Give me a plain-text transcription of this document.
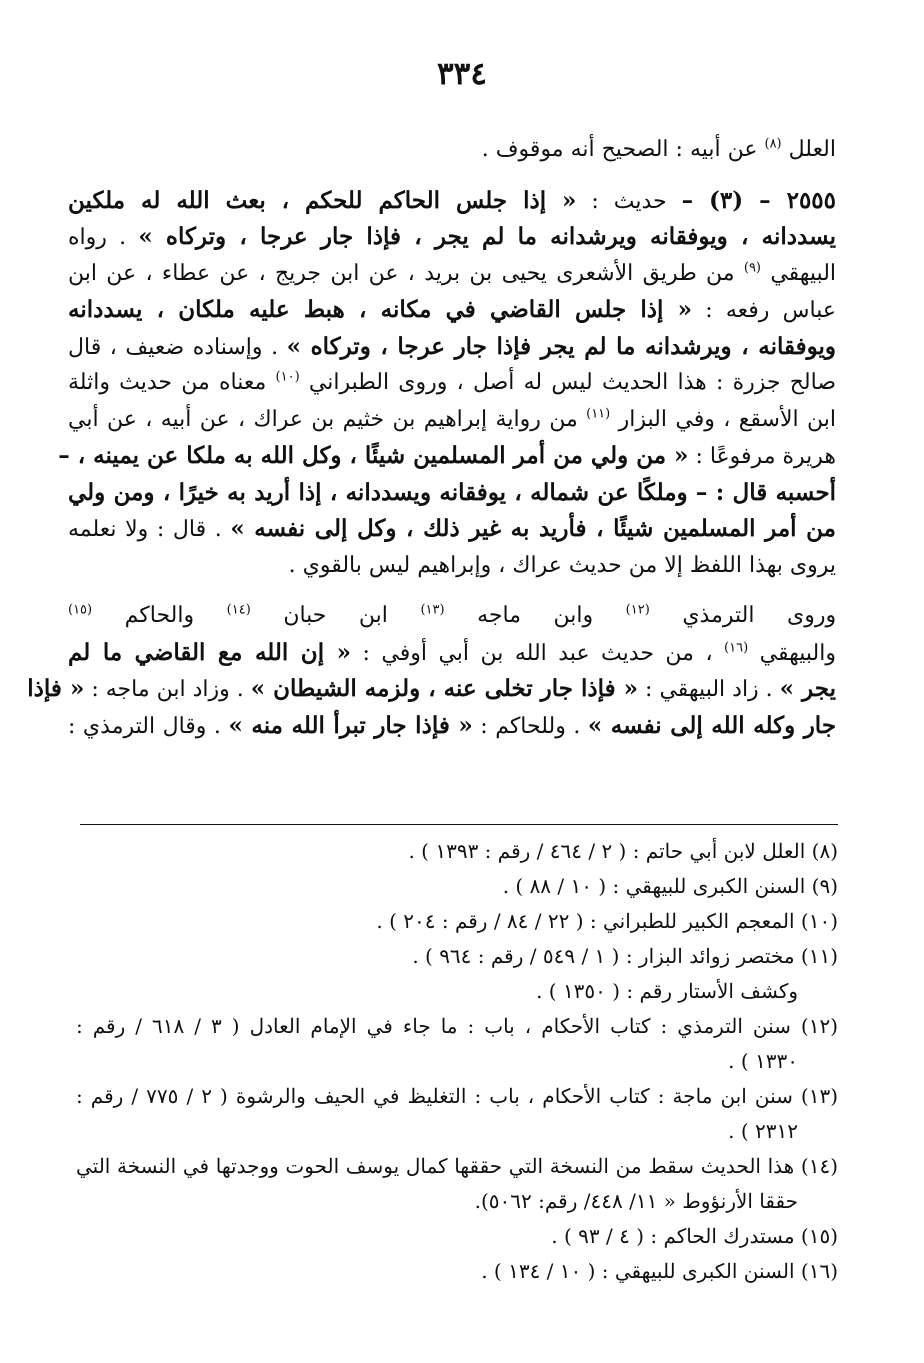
٣٣٤
العلل $^{(٨)}$ عن أبيه : الصحيح أنه موقوف .
٢٥٥٥ – (٣) – حديث : « إذا جلس الحاكم للحكم ، بعث الله له ملكين
يسددانه ، ويوفقانه ويرشدانه ما لم يجر ، فإذا جار عرجا ، وتركاه » . رواه
البيهقي $^{(٩)}$ من طريق الأشعرى يحيى بن بريد ، عن ابن جريج ، عن عطاء ، عن ابن
عباس رفعه : « إذا جلس القاضي في مكانه ، هبط عليه ملكان ، يسددانه
ويوفقانه ، ويرشدانه ما لم يجر فإذا جار عرجا ، وتركاه » . وإسناده ضعيف ، قال
صالح جزرة : هذا الحديث ليس له أصل ، وروى الطبراني $^{(١٠)}$ معناه من حديث واثلة
ابن الأسقع ، وفي البزار $^{(١١)}$ من رواية إبراهيم بن خثيم بن عراك ، عن أبيه ، عن أبي
هريرة مرفوعًا : « من ولي من أمر المسلمين شيئًا ، وكل الله به ملكا عن يمينه ، –
أحسبه قال : – وملكًا عن شماله ، يوفقانه ويسددانه ، إذا أريد به خيرًا ، ومن ولي
من أمر المسلمين شيئًا ، فأريد به غير ذلك ، وكل إلى نفسه » . قال : ولا نعلمه
يروى بهذا اللفظ إلا من حديث عراك ، وإبراهيم ليس بالقوي .
وروى الترمذي $^{(١٢)}$ وابن ماجه $^{(١٣)}$ ابن حبان $^{(١٤)}$ والحاكم $^{(١٥)}$
والبيهقي $^{(١٦)}$ ، من حديث عبد الله بن أبي أوفي : « إن الله مع القاضي ما لم
يجر » . زاد البيهقي : « فإذا جار تخلى عنه ، ولزمه الشيطان » . وزاد ابن ماجه : « فإذا
جار وكله الله إلى نفسه » . وللحاكم : « فإذا جار تبرأ الله منه » . وقال الترمذي :
(٨) العلل لابن أبي حاتم : ( ٢ / ٤٦٤ / رقم : ١٣٩٣ ) .
(٩) السنن الكبرى للبيهقي : ( ١٠ / ٨٨ ) .
(١٠) المعجم الكبير للطبراني : ( ٢٢ / ٨٤ / رقم : ٢٠٤ ) .
(١١) مختصر زوائد البزار : ( ١ / ٥٤٩ / رقم : ٩٦٤ ) .
وكشف الأستار رقم : ( ١٣٥٠ ) .
(١٢) سنن الترمذي : كتاب الأحكام ، باب : ما جاء في الإمام العادل ( ٣ / ٦١٨ / رقم :
١٣٣٠ ) .
(١٣) سنن ابن ماجة : كتاب الأحكام ، باب : التغليظ في الحيف والرشوة ( ٢ / ٧٧٥ / رقم :
٢٣١٢ ) .
(١٤) هذا الحديث سقط من النسخة التي حققها كمال يوسف الحوت ووجدتها في النسخة التي
حققا الأرنؤوط « ١١/ ٤٤٨/ رقم: ٥٠٦٢).
(١٥) مستدرك الحاكم : ( ٤ / ٩٣ ) .
(١٦) السنن الكبرى للبيهقي : ( ١٠ / ١٣٤ ) .
